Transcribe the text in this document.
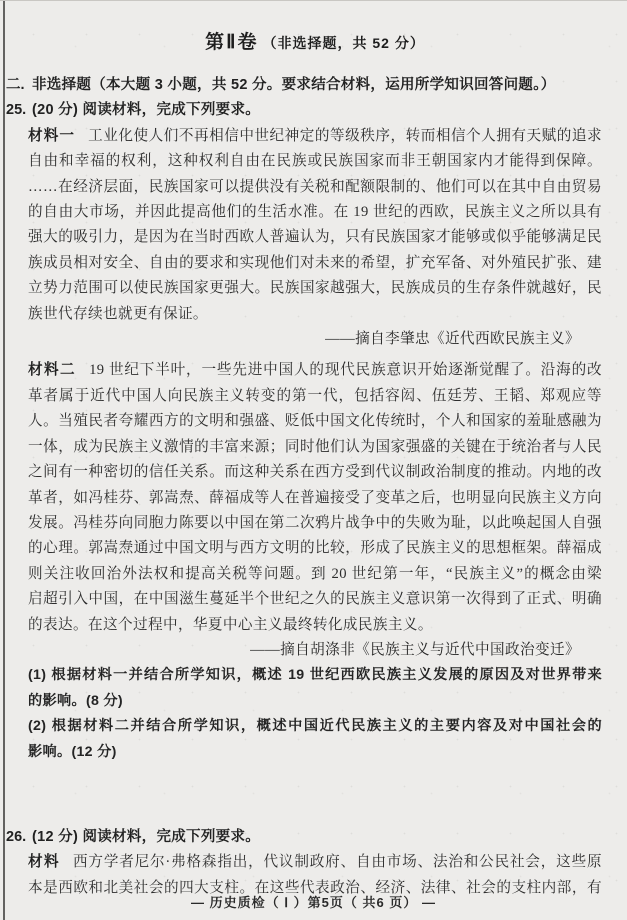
第Ⅱ卷 （非选择题，共 52 分）
二. 非选择题（本大题 3 小题，共 52 分。要求结合材料，运用所学知识回答问题。）
25. (20 分) 阅读材料，完成下列要求。
材料一 工业化使人们不再相信中世纪神定的等级秩序，转而相信个人拥有天赋的追求
自由和幸福的权利，这种权利自由在民族或民族国家而非王朝国家内才能得到保障。
……在经济层面，民族国家可以提供没有关税和配额限制的、他们可以在其中自由贸易
的自由大市场，并因此提高他们的生活水准。在 19 世纪的西欧，民族主义之所以具有
强大的吸引力，是因为在当时西欧人普遍认为，只有民族国家才能够或似乎能够满足民
族成员相对安全、自由的要求和实现他们对未来的希望，扩充军备、对外殖民扩张、建
立势力范围可以使民族国家更强大。民族国家越强大，民族成员的生存条件就越好，民
族世代存续也就更有保证。
——摘自李肇忠《近代西欧民族主义》
材料二 19 世纪下半叶，一些先进中国人的现代民族意识开始逐渐觉醒了。沿海的改
革者属于近代中国人向民族主义转变的第一代，包括容闳、伍廷芳、王韬、郑观应等
人。当殖民者夸耀西方的文明和强盛、贬低中国文化传统时，个人和国家的羞耻感融为
一体，成为民族主义激情的丰富来源；同时他们认为国家强盛的关键在于统治者与人民
之间有一种密切的信任关系。而这种关系在西方受到代议制政治制度的推动。内地的改
革者，如冯桂芬、郭嵩焘、薛福成等人在普遍接受了变革之后，也明显向民族主义方向
发展。冯桂芬向同胞力陈要以中国在第二次鸦片战争中的失败为耻，以此唤起国人自强
的心理。郭嵩焘通过中国文明与西方文明的比较，形成了民族主义的思想框架。薛福成
则关注收回治外法权和提高关税等问题。到 20 世纪第一年，“民族主义”的概念由梁
启超引入中国，在中国滋生蔓延半个世纪之久的民族主义意识第一次得到了正式、明确
的表达。在这个过程中，华夏中心主义最终转化成民族主义。
——摘自胡涤非《民族主义与近代中国政治变迁》
(1) 根据材料一并结合所学知识，概述 19 世纪西欧民族主义发展的原因及对世界带来
的影响。(8 分)
(2) 根据材料二并结合所学知识，概述中国近代民族主义的主要内容及对中国社会的
影响。(12 分)
26. (12 分) 阅读材料，完成下列要求。
材料 西方学者尼尔·弗格森指出，代议制政府、自由市场、法治和公民社会，这些原
本是西欧和北美社会的四大支柱。在这些代表政治、经济、法律、社会的支柱内部，有
— 历史质检（ Ⅰ ）第5页（ 共6 页） —
